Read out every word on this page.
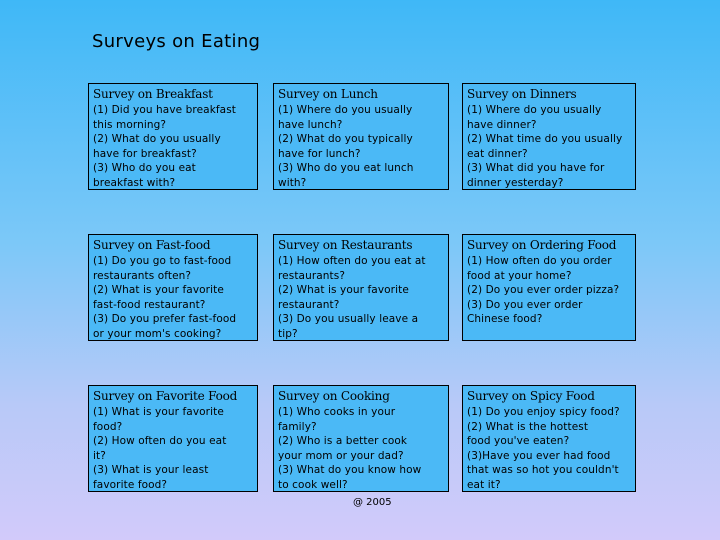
Surveys on Eating
Survey on Breakfast
(1) Did you have breakfast
this morning?
(2) What do you usually
have for breakfast?
(3) Who do you eat
breakfast with?
Survey on Lunch
(1) Where do you usually
have lunch?
(2) What do you typically
have for lunch?
(3) Who do you eat lunch
with?
Survey on Dinners
(1) Where do you usually
have dinner?
(2) What time do you usually
eat dinner?
(3) What did you have for
dinner yesterday?
Survey on Fast-food
(1) Do you go to fast-food
restaurants often?
(2) What is your favorite
fast-food restaurant?
(3) Do you prefer fast-food
or your mom's cooking?
Survey on Restaurants
(1) How often do you eat at
restaurants?
(2) What is your favorite
restaurant?
(3) Do you usually leave a
tip?
Survey on Ordering Food
(1) How often do you order
food at your home?
(2) Do you ever order pizza?
(3) Do you ever order
Chinese food?
Survey on Favorite Food
(1) What is your favorite
food?
(2) How often do you eat
it?
(3) What is your least
favorite food?
Survey on Cooking
(1) Who cooks in your
family?
(2) Who is a better cook
your mom or your dad?
(3) What do you know how
to cook well?
Survey on Spicy Food
(1) Do you enjoy spicy food?
(2) What is the hottest
food you've eaten?
(3)Have you ever had food
that was so hot you couldn't
eat it?
@ 2005
